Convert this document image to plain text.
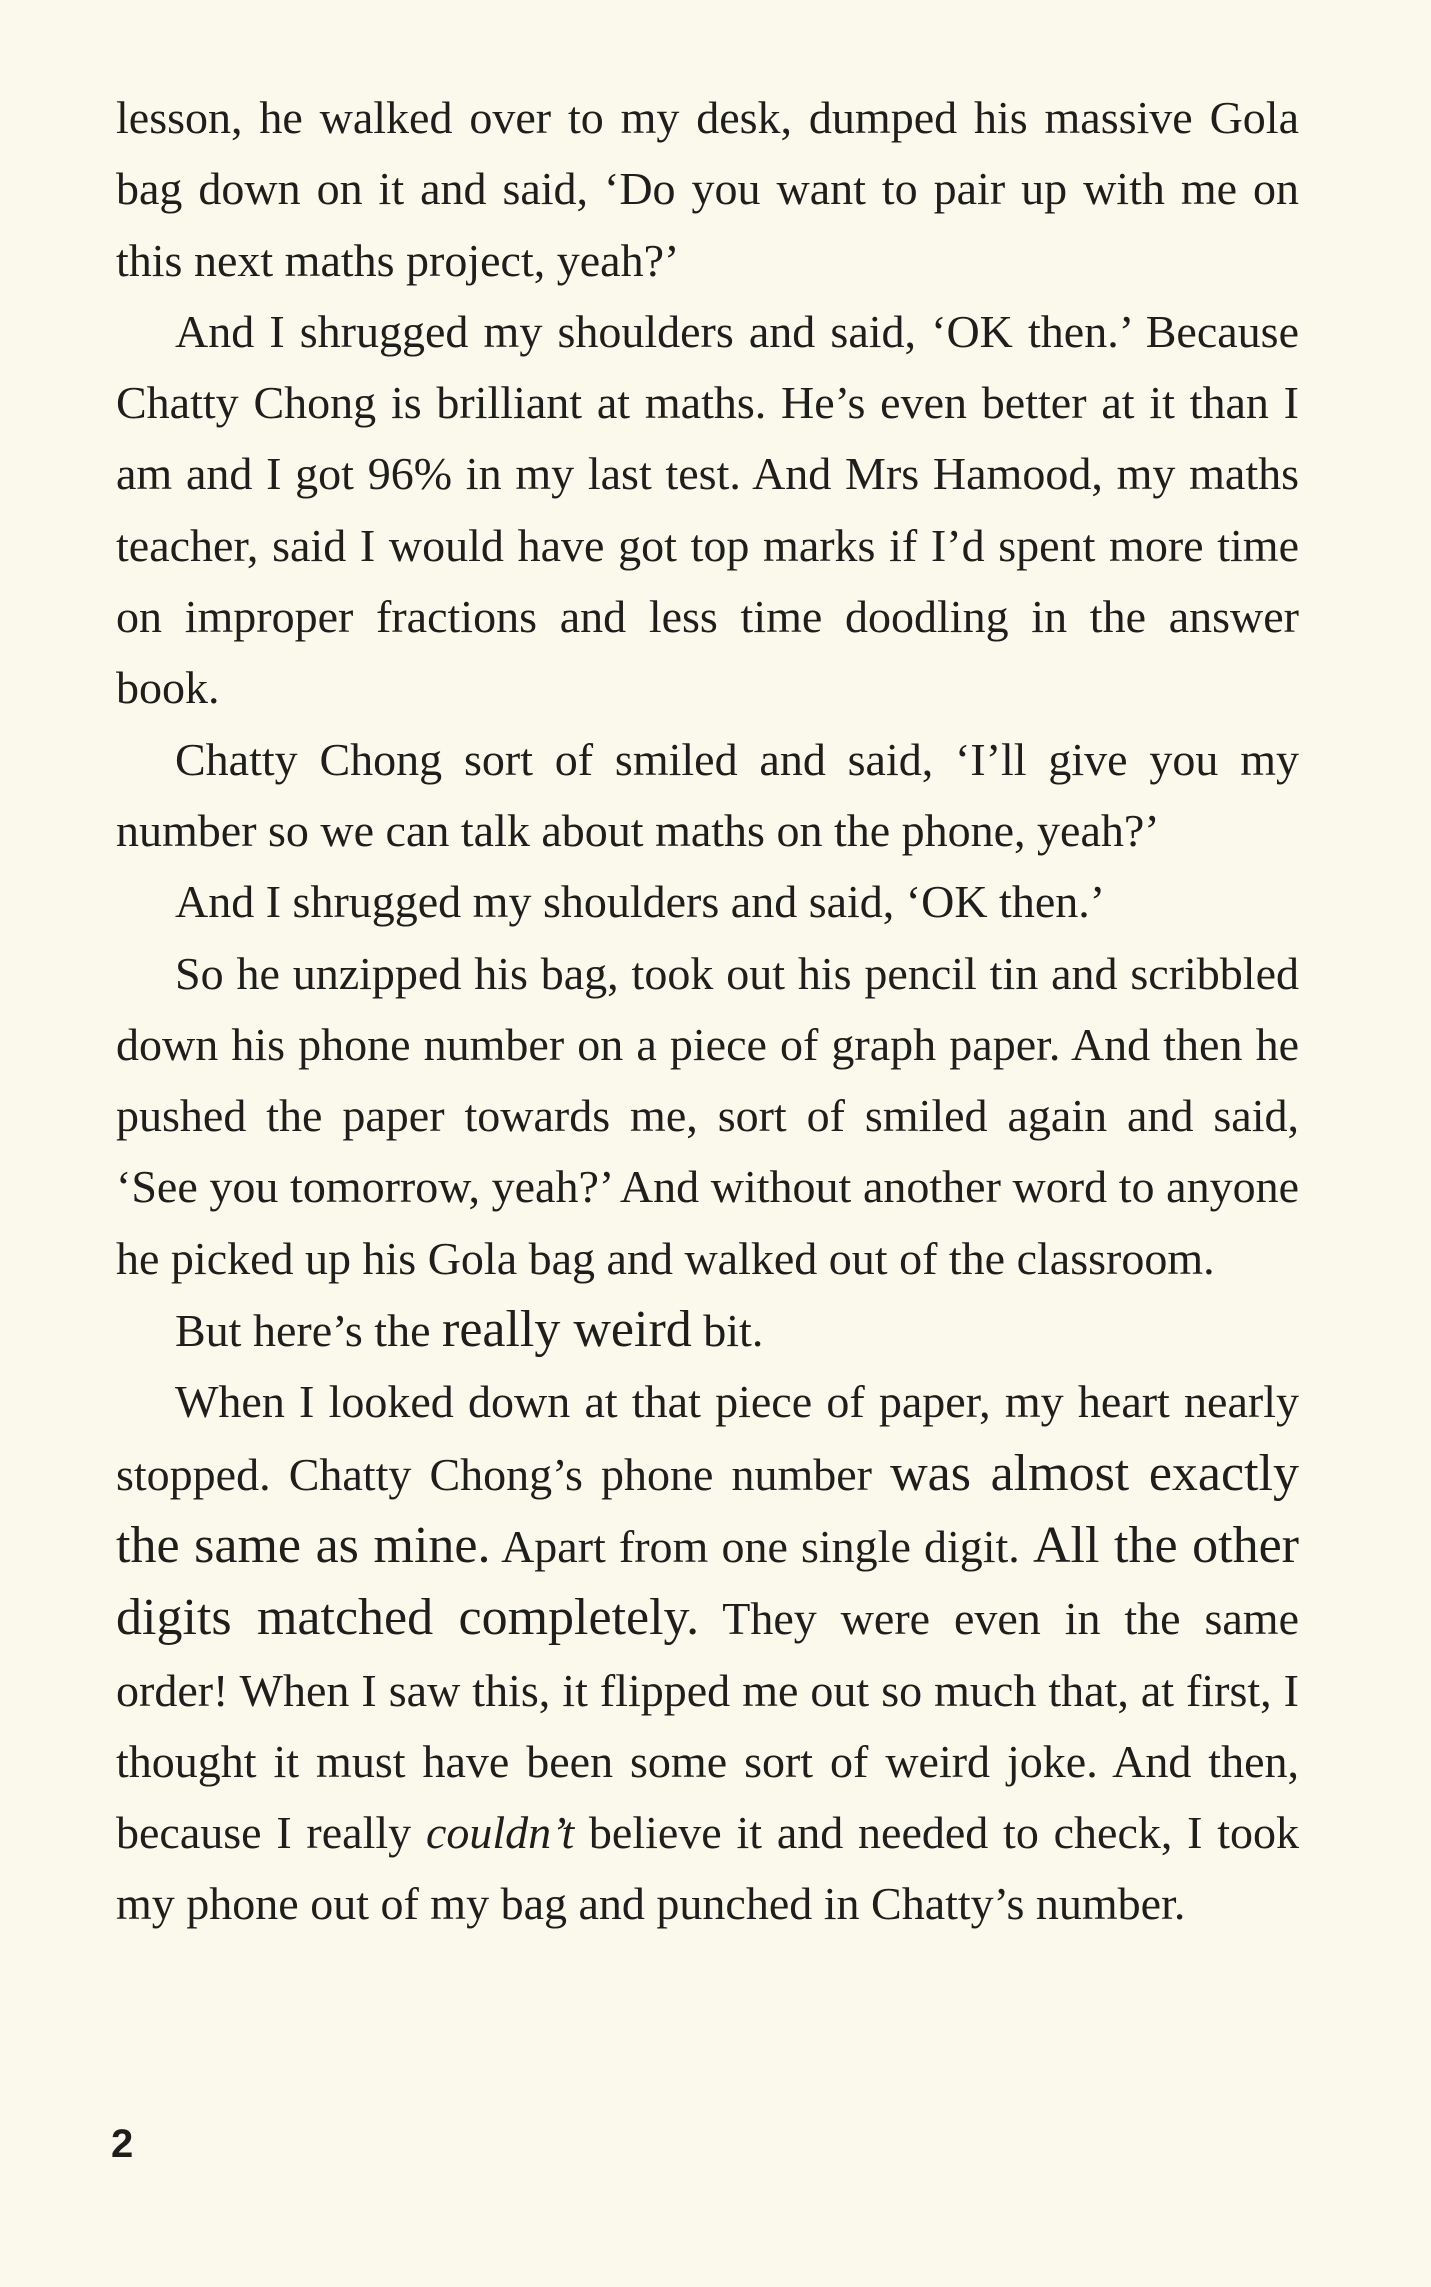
lesson, he walked over to my desk, dumped his massive Gola bag down on it and said, ‘Do you want to pair up with me on this next maths project, yeah?’

And I shrugged my shoulders and said, ‘OK then.’ Because Chatty Chong is brilliant at maths. He’s even better at it than I am and I got 96% in my last test. And Mrs Hamood, my maths teacher, said I would have got top marks if I’d spent more time on improper fractions and less time doodling in the answer book.

Chatty Chong sort of smiled and said, ‘I’ll give you my number so we can talk about maths on the phone, yeah?’

And I shrugged my shoulders and said, ‘OK then.’

So he unzipped his bag, took out his pencil tin and scribbled down his phone number on a piece of graph paper. And then he pushed the paper towards me, sort of smiled again and said, ‘See you tomorrow, yeah?’ And without another word to anyone he picked up his Gola bag and walked out of the classroom.

But here’s the really weird bit.

When I looked down at that piece of paper, my heart nearly stopped. Chatty Chong’s phone number was almost exactly the same as mine. Apart from one single digit. All the other digits matched completely. They were even in the same order! When I saw this, it flipped me out so much that, at first, I thought it must have been some sort of weird joke. And then, because I really couldn’t believe it and needed to check, I took my phone out of my bag and punched in Chatty’s number.

2
